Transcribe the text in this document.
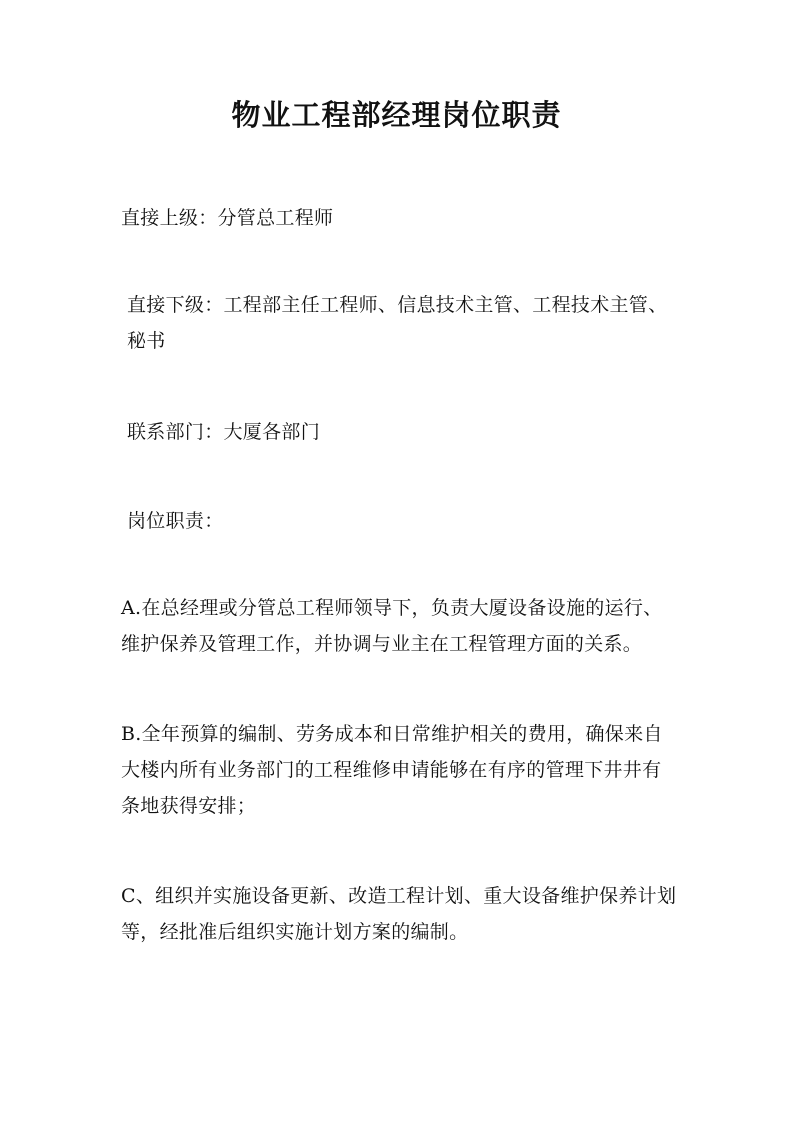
物业工程部经理岗位职责

直接上级：分管总工程师

直接下级：工程部主任工程师、信息技术主管、工程技术主管、秘书

联系部门：大厦各部门

岗位职责：

A.在总经理或分管总工程师领导下，负责大厦设备设施的运行、维护保养及管理工作，并协调与业主在工程管理方面的关系。

B.全年预算的编制、劳务成本和日常维护相关的费用，确保来自大楼内所有业务部门的工程维修申请能够在有序的管理下井井有条地获得安排；

C、组织并实施设备更新、改造工程计划、重大设备维护保养计划等，经批准后组织实施计划方案的编制。
